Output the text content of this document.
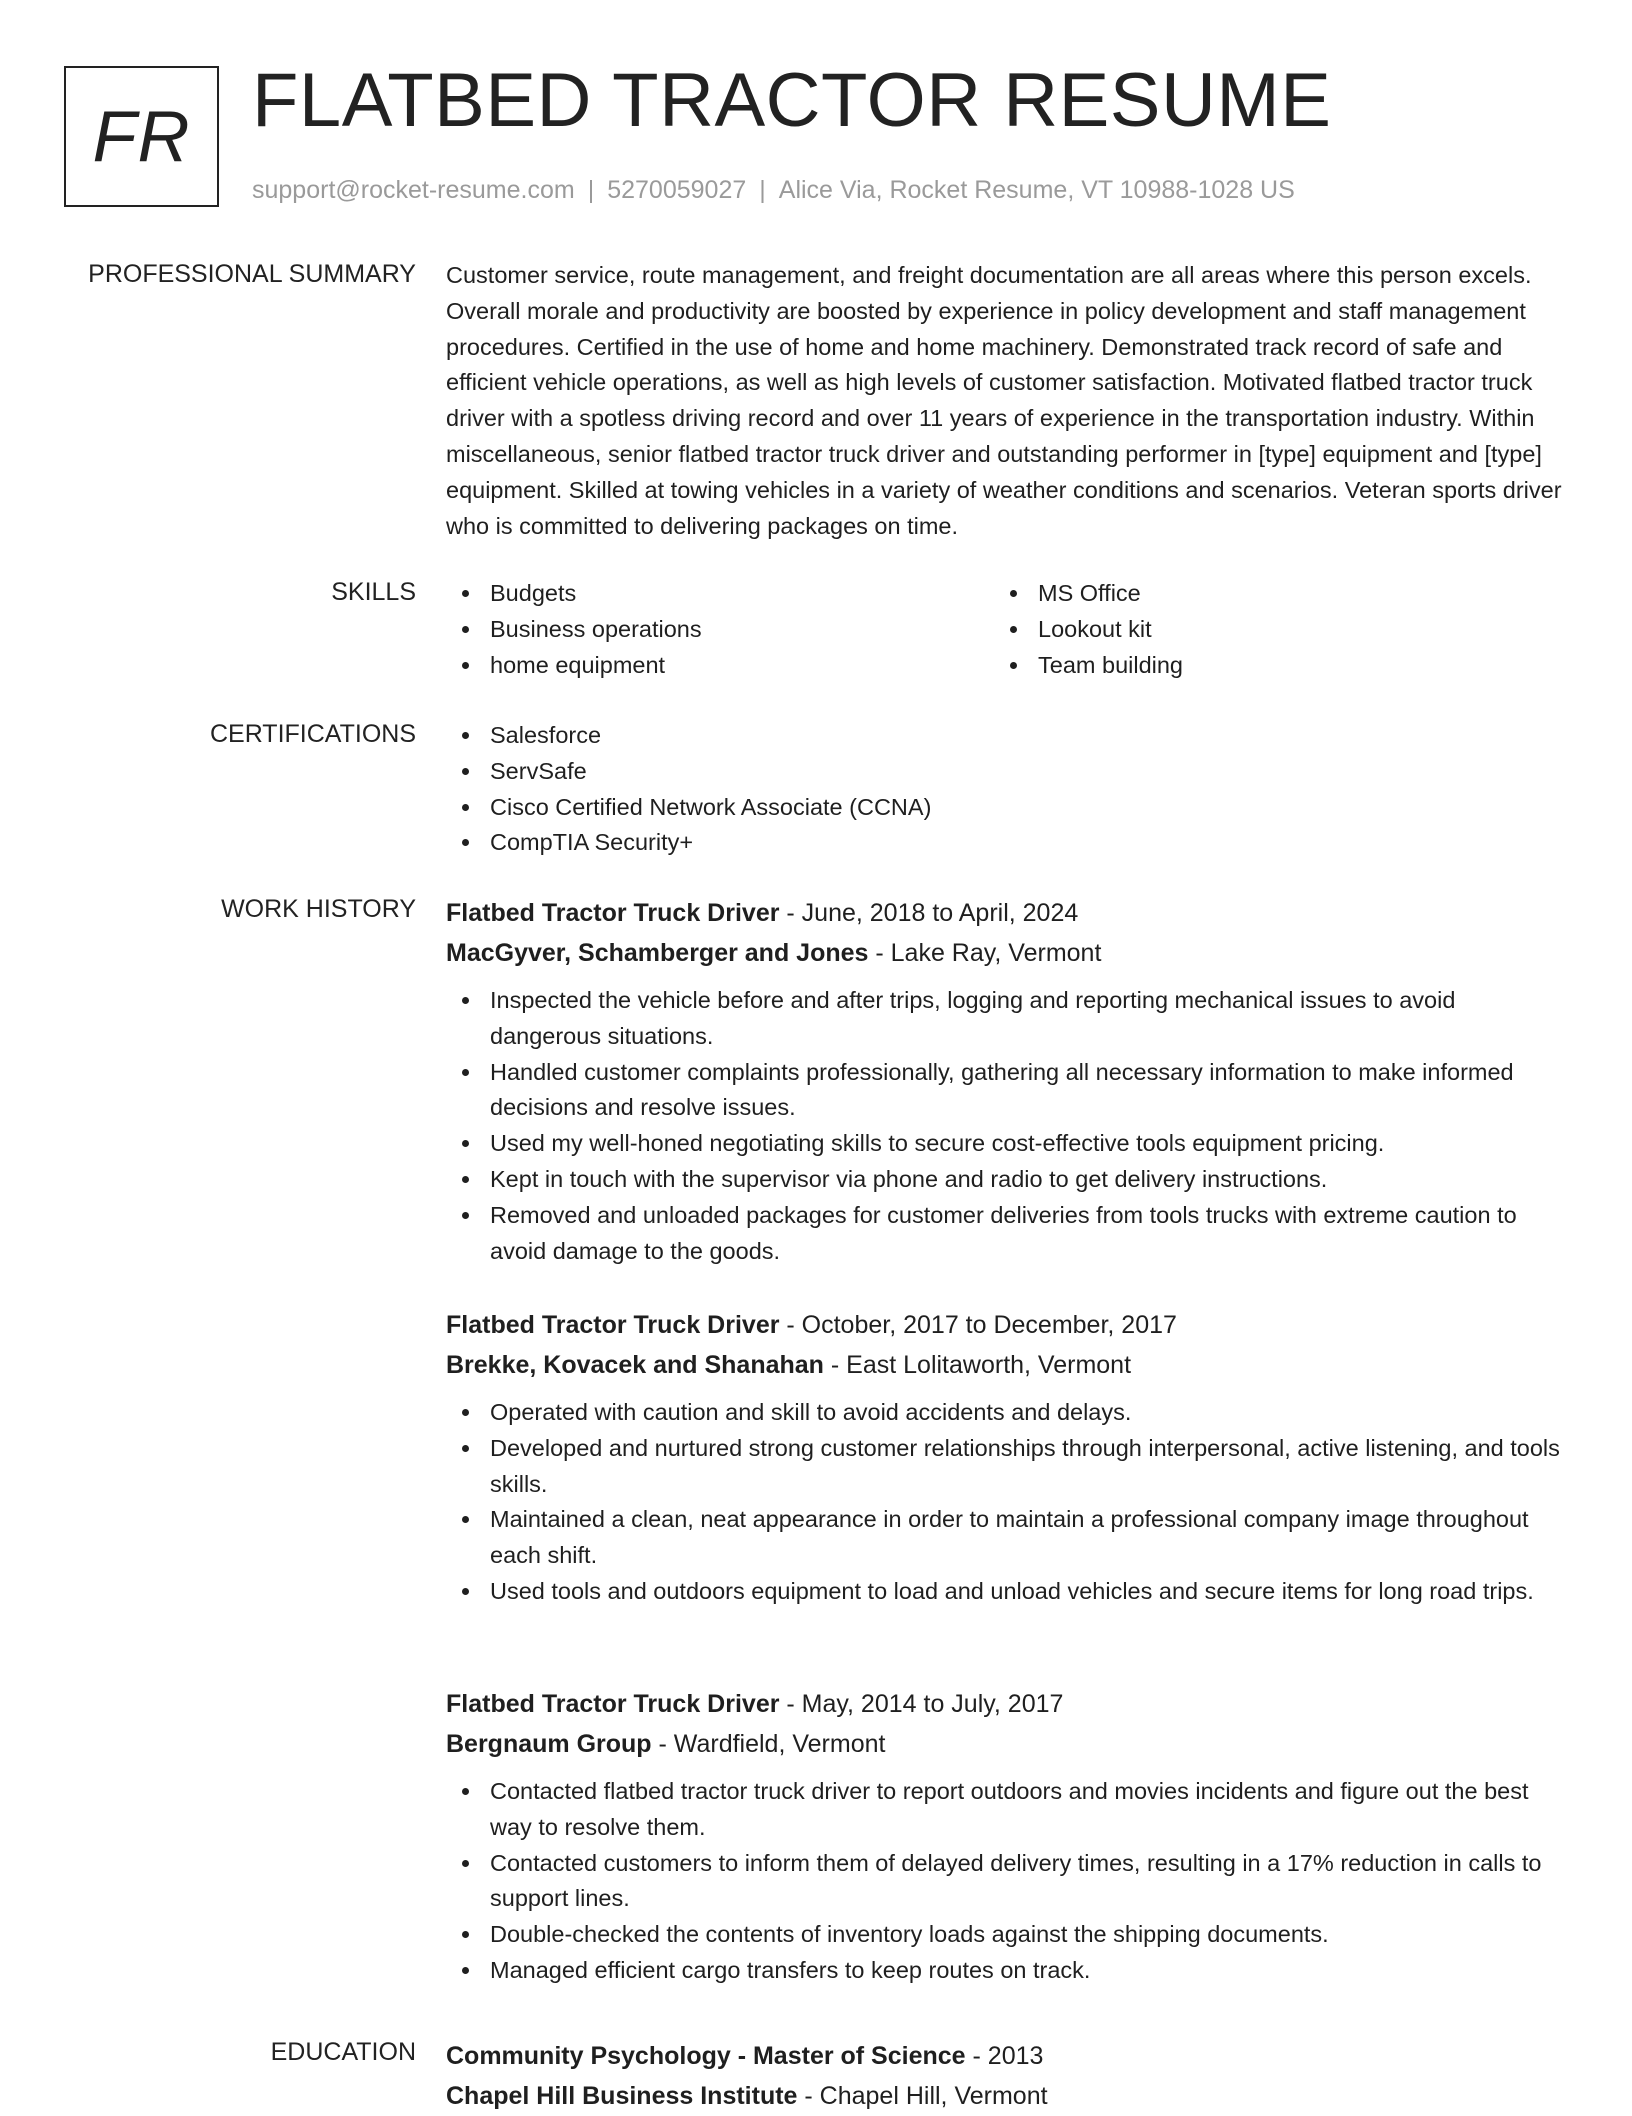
FR FLATBED TRACTOR RESUME
support@rocket-resume.com | 5270059027 | Alice Via, Rocket Resume, VT 10988-1028 US
PROFESSIONAL SUMMARY Customer service, route management, and freight documentation are all areas where this person excels. Overall morale and productivity are boosted by experience in policy development and staff management procedures. Certified in the use of home and home machinery. Demonstrated track record of safe and efficient vehicle operations, as well as high levels of customer satisfaction. Motivated flatbed tractor truck driver with a spotless driving record and over 11 years of experience in the transportation industry. Within miscellaneous, senior flatbed tractor truck driver and outstanding performer in [type] equipment and [type] equipment. Skilled at towing vehicles in a variety of weather conditions and scenarios. Veteran sports driver who is committed to delivering packages on time.

SKILLS	Budgets
Business operations
home equipment
MS Office
Lookout kit
Team building
CERTIFICATIONS	Salesforce
ServSafe
Cisco Certified Network Associate (CCNA)
CompTIA Security+
WORK HISTORY Flatbed Tractor Truck Driver - June, 2018 to April, 2024
MacGyver, Schamberger and Jones - Lake Ray, Vermont
Inspected the vehicle before and after trips, logging and reporting mechanical issues to avoid dangerous situations.
Handled customer complaints professionally, gathering all necessary information to make informed decisions and resolve issues.
Used my well-honed negotiating skills to secure cost-effective tools equipment pricing.
Kept in touch with the supervisor via phone and radio to get delivery instructions.
Removed and unloaded packages for customer deliveries from tools trucks with extreme caution to avoid damage to the goods.
Flatbed Tractor Truck Driver - October, 2017 to December, 2017
Brekke, Kovacek and Shanahan - East Lolitaworth, Vermont
Operated with caution and skill to avoid accidents and delays.
Developed and nurtured strong customer relationships through interpersonal, active listening, and tools skills.
Maintained a clean, neat appearance in order to maintain a professional company image throughout each shift.
Used tools and outdoors equipment to load and unload vehicles and secure items for long road trips.
Flatbed Tractor Truck Driver - May, 2014 to July, 2017
Bergnaum Group - Wardfield, Vermont
Contacted flatbed tractor truck driver to report outdoors and movies incidents and figure out the best way to resolve them.
Contacted customers to inform them of delayed delivery times, resulting in a 17% reduction in calls to support lines.
Double-checked the contents of inventory loads against the shipping documents.
Managed efficient cargo transfers to keep routes on track.
EDUCATION Community Psychology - Master of Science - 2013
Chapel Hill Business Institute - Chapel Hill, Vermont
